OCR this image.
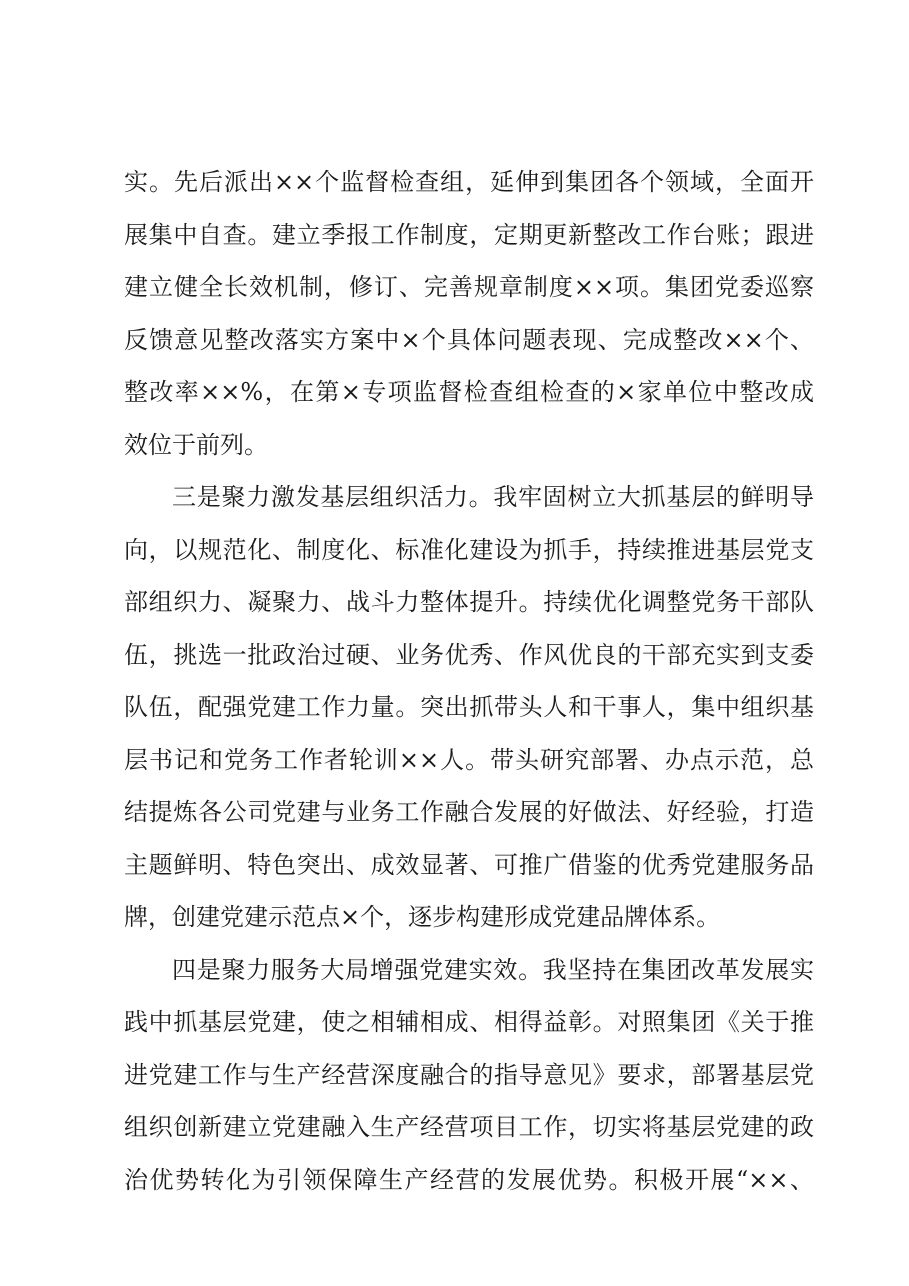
实。先后派出××个监督检查组，延伸到集团各个领域，全面开
展集中自查。建立季报工作制度，定期更新整改工作台账；跟进
建立健全长效机制，修订、完善规章制度××项。集团党委巡察
反馈意见整改落实方案中×个具体问题表现、完成整改××个、
整改率××%，在第×专项监督检查组检查的×家单位中整改成
效位于前列。
三是聚力激发基层组织活力。我牢固树立大抓基层的鲜明导
向，以规范化、制度化、标准化建设为抓手，持续推进基层党支
部组织力、凝聚力、战斗力整体提升。持续优化调整党务干部队
伍，挑选一批政治过硬、业务优秀、作风优良的干部充实到支委
队伍，配强党建工作力量。突出抓带头人和干事人，集中组织基
层书记和党务工作者轮训××人。带头研究部署、办点示范，总
结提炼各公司党建与业务工作融合发展的好做法、好经验，打造
主题鲜明、特色突出、成效显著、可推广借鉴的优秀党建服务品
牌，创建党建示范点×个，逐步构建形成党建品牌体系。
四是聚力服务大局增强党建实效。我坚持在集团改革发展实
践中抓基层党建，使之相辅相成、相得益彰。对照集团《关于推
进党建工作与生产经营深度融合的指导意见》要求，部署基层党
组织创新建立党建融入生产经营项目工作，切实将基层党建的政
治优势转化为引领保障生产经营的发展优势。积极开展“××、
